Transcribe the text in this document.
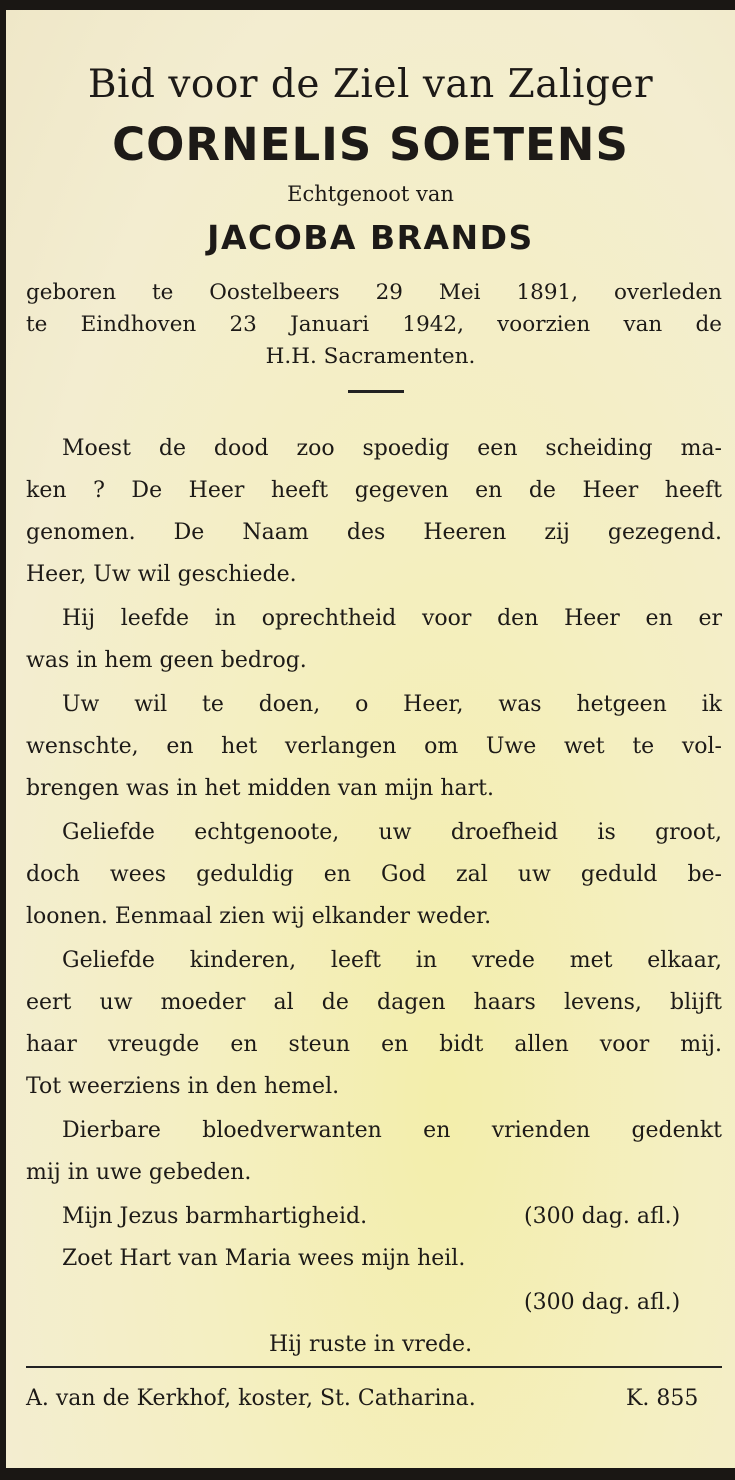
Bid voor de Ziel van Zaliger
CORNELIS SOETENS
Echtgenoot van
JACOBA BRANDS
geboren te Oostelbeers 29 Mei 1891, overleden
te Eindhoven 23 Januari 1942, voorzien van de
H.H. Sacramenten.
Moest de dood zoo spoedig een scheiding ma-
ken ? De Heer heeft gegeven en de Heer heeft
genomen. De Naam des Heeren zij gezegend.
Heer, Uw wil geschiede.
Hij leefde in oprechtheid voor den Heer en er
was in hem geen bedrog.
Uw wil te doen, o Heer, was hetgeen ik
wenschte, en het verlangen om Uwe wet te vol-
brengen was in het midden van mijn hart.
Geliefde echtgenoote, uw droefheid is groot,
doch wees geduldig en God zal uw geduld be-
loonen. Eenmaal zien wij elkander weder.
Geliefde kinderen, leeft in vrede met elkaar,
eert uw moeder al de dagen haars levens, blijft
haar vreugde en steun en bidt allen voor mij.
Tot weerziens in den hemel.
Dierbare bloedverwanten en vrienden gedenkt
mij in uwe gebeden.
Mijn Jezus barmhartigheid.	(300 dag. afl.)
Zoet Hart van Maria wees mijn heil.
(300 dag. afl.)
Hij ruste in vrede.
A. van de Kerkhof, koster, St. Catharina.	K. 855
